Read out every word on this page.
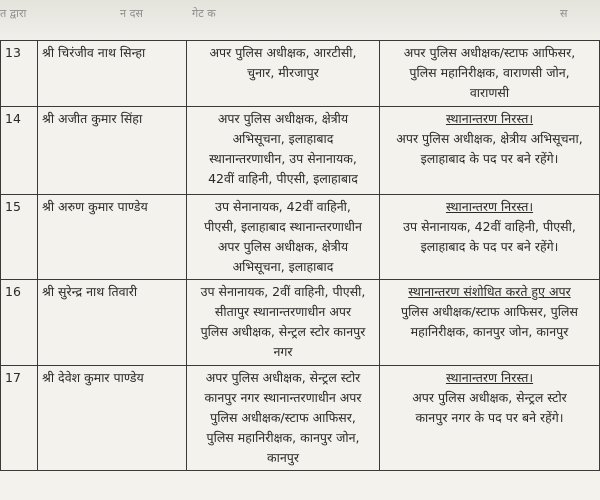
त द्वारा	न दस	गेट क	स
13	श्री चिरंजीव नाथ सिन्हा	अपर पुलिस अधीक्षक, आरटीसी,
चुनार, मीरजापुर	अपर पुलिस अधीक्षक/स्टाफ आफिसर,
पुलिस महानिरीक्षक, वाराणसी जोन,
वाराणसी

14	श्री अजीत कुमार सिंहा	अपर पुलिस अधीक्षक, क्षेत्रीय
अभिसूचना, इलाहाबाद
स्थानान्तरणाधीन, उप सेनानायक,
42वीं वाहिनी, पीएसी, इलाहाबाद	स्थानान्तरण निरस्त।
अपर पुलिस अधीक्षक, क्षेत्रीय अभिसूचना,
इलाहाबाद के पद पर बने रहेंगे।

15	श्री अरुण कुमार पाण्डेय	उप सेनानायक, 42वीं वाहिनी,
पीएसी, इलाहाबाद स्थानान्तरणाधीन
अपर पुलिस अधीक्षक, क्षेत्रीय
अभिसूचना, इलाहाबाद	स्थानान्तरण निरस्त।
उप सेनानायक, 42वीं वाहिनी, पीएसी,
इलाहाबाद के पद पर बने रहेंगे।

16	श्री सुरेन्द्र नाथ तिवारी	उप सेनानायक, 2वीं वाहिनी, पीएसी,
सीतापुर स्थानान्तरणाधीन अपर
पुलिस अधीक्षक, सेन्ट्रल स्टोर कानपुर
नगर	स्थानान्तरण संशोधित करते हुए अपर
पुलिस अधीक्षक/स्टाफ आफिसर, पुलिस
महानिरीक्षक, कानपुर जोन, कानपुर

17	श्री देवेश कुमार पाण्डेय	अपर पुलिस अधीक्षक, सेन्ट्रल स्टोर
कानपुर नगर स्थानान्तरणाधीन अपर
पुलिस अधीक्षक/स्टाफ आफिसर,
पुलिस महानिरीक्षक, कानपुर जोन,
कानपुर	स्थानान्तरण निरस्त।
अपर पुलिस अधीक्षक, सेन्ट्रल स्टोर
कानपुर नगर के पद पर बने रहेंगे।
